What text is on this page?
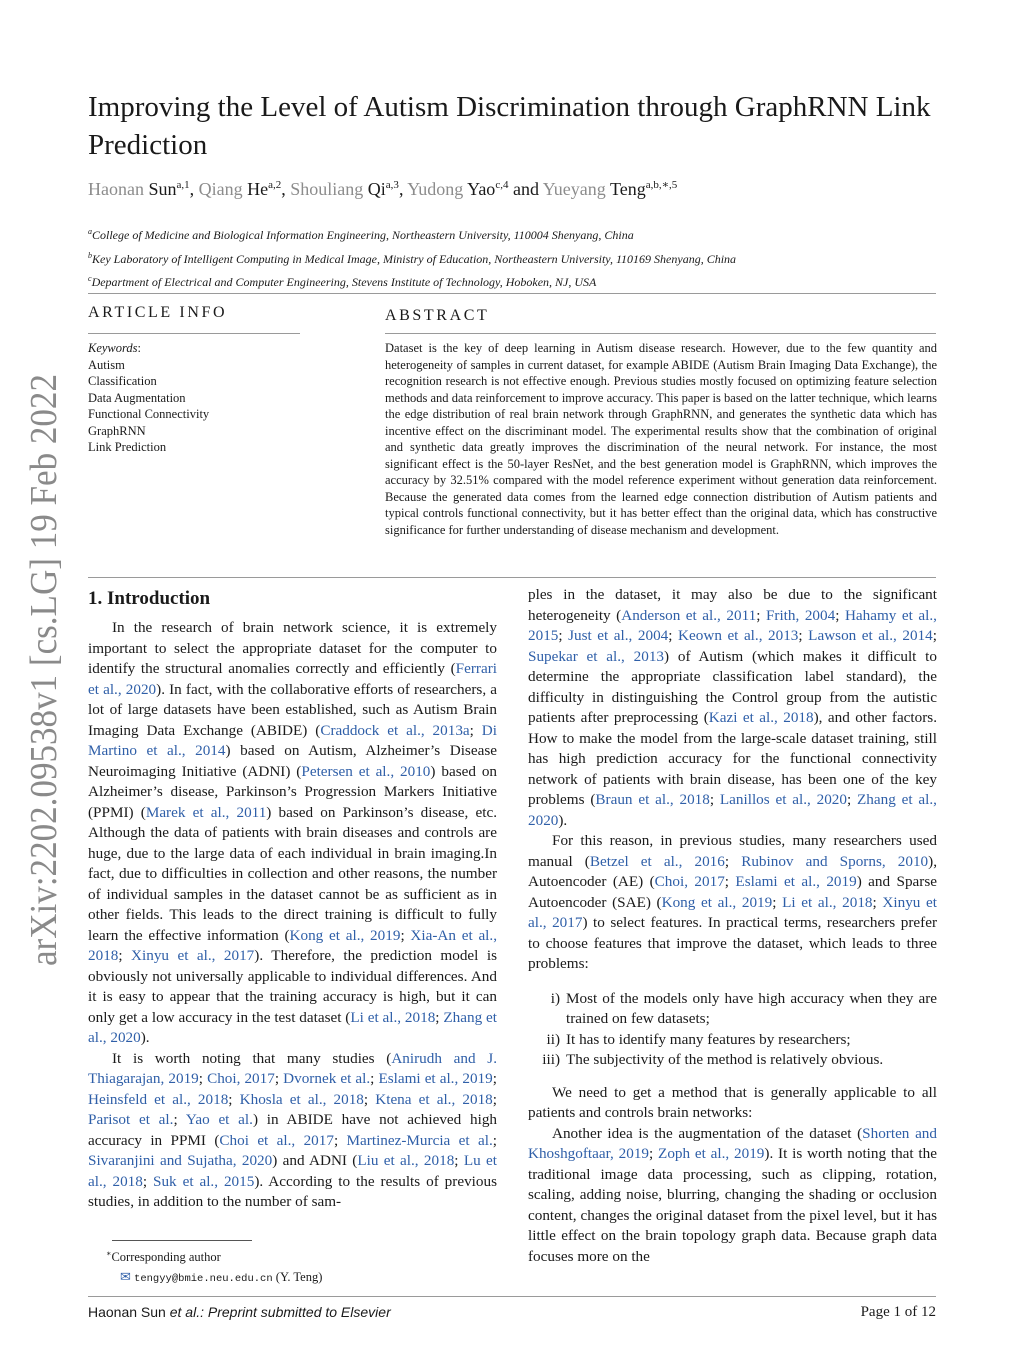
arXiv:2202.09538v1 [cs.LG] 19 Feb 2022
Improving the Level of Autism Discrimination through GraphRNN Link Prediction
Haonan Sun$^{a,1}$, Qiang He$^{a,2}$, Shouliang Qi$^{a,3}$, Yudong Yao$^{c,4}$ and Yueyang Teng$^{a,b,∗,5}$
$^a$College of Medicine and Biological Information Engineering, Northeastern University, 110004 Shenyang, China
$^b$Key Laboratory of Intelligent Computing in Medical Image, Ministry of Education, Northeastern University, 110169 Shenyang, China
$^c$Department of Electrical and Computer Engineering, Stevens Institute of Technology, Hoboken, NJ, USA
ARTICLE INFO	ABSTRACT
Keywords:
Autism
Classification
Data Augmentation
Functional Connectivity
GraphRNN
Link Prediction
Dataset is the key of deep learning in Autism disease research. However, due to the few quantity and heterogeneity of samples in current dataset, for example ABIDE (Autism Brain Imaging Data Exchange), the recognition research is not effective enough. Previous studies mostly focused on optimizing feature selection methods and data reinforcement to improve accuracy. This paper is based on the latter technique, which learns the edge distribution of real brain network through GraphRNN, and generates the synthetic data which has incentive effect on the discriminant model. The experimental results show that the combination of original and synthetic data greatly improves the discrimination of the neural network. For instance, the most significant effect is the 50-layer ResNet, and the best generation model is GraphRNN, which improves the accuracy by 32.51% compared with the model reference experiment without generation data reinforcement. Because the generated data comes from the learned edge connection distribution of Autism patients and typical controls functional connectivity, but it has better effect than the original data, which has constructive significance for further understanding of disease mechanism and development.
1. Introduction

In the research of brain network science, it is extremely important to select the appropriate dataset for the computer to identify the structural anomalies correctly and efficiently (Ferrari et al., 2020). In fact, with the collaborative efforts of researchers, a lot of large datasets have been established, such as Autism Brain Imaging Data Exchange (ABIDE) (Craddock et al., 2013a; Di Martino et al., 2014) based on Autism, Alzheimer’s Disease Neuroimaging Initiative (ADNI) (Petersen et al., 2010) based on Alzheimer’s disease, Parkinson’s Progression Markers Initiative (PPMI) (Marek et al., 2011) based on Parkinson’s disease, etc. Although the data of patients with brain diseases and controls are huge, due to the large data of each individual in brain imaging.In fact, due to difficulties in collection and other reasons, the number of individual samples in the dataset cannot be as sufficient as in other fields. This leads to the direct training is difficult to fully learn the effective information (Kong et al., 2019; Xia-An et al., 2018; Xinyu et al., 2017). Therefore, the prediction model is obviously not universally applicable to individual differences. And it is easy to appear that the training accuracy is high, but it can only get a low accuracy in the test dataset (Li et al., 2018; Zhang et al., 2020).

It is worth noting that many studies (Anirudh and J. Thiagarajan, 2019; Choi, 2017; Dvornek et al.; Eslami et al., 2019; Heinsfeld et al., 2018; Khosla et al., 2018; Ktena et al., 2018; Parisot et al.; Yao et al.) in ABIDE have not achieved high accuracy in PPMI (Choi et al., 2017; Martinez-Murcia et al.; Sivaranjini and Sujatha, 2020) and ADNI (Liu et al., 2018; Lu et al., 2018; Suk et al., 2015). According to the results of previous studies, in addition to the number of sam-

ples in the dataset, it may also be due to the significant heterogeneity (Anderson et al., 2011; Frith, 2004; Hahamy et al., 2015; Just et al., 2004; Keown et al., 2013; Lawson et al., 2014; Supekar et al., 2013) of Autism (which makes it difficult to determine the appropriate classification label standard), the difficulty in distinguishing the Control group from the autistic patients after preprocessing (Kazi et al., 2018), and other factors. How to make the model from the large-scale dataset training, still has high prediction accuracy for the functional connectivity network of patients with brain disease, has been one of the key problems (Braun et al., 2018; Lanillos et al., 2020; Zhang et al., 2020).

For this reason, in previous studies, many researchers used manual (Betzel et al., 2016; Rubinov and Sporns, 2010), Autoencoder (AE) (Choi, 2017; Eslami et al., 2019) and Sparse Autoencoder (SAE) (Kong et al., 2019; Li et al., 2018; Xinyu et al., 2017) to select features. In practical terms, researchers prefer to choose features that improve the dataset, which leads to three problems:

i) Most of the models only have high accuracy when they are trained on few datasets;
ii) It has to identify many features by researchers;
iii) The subjectivity of the method is relatively obvious.

We need to get a method that is generally applicable to all patients and controls brain networks:

Another idea is the augmentation of the dataset (Shorten and Khoshgoftaar, 2019; Zoph et al., 2019). It is worth noting that the traditional image data processing, such as clipping, rotation, scaling, adding noise, blurring, changing the shading or occlusion content, changes the original dataset from the pixel level, but it has little effect on the brain topology graph data. Because graph data focuses more on the

∗Corresponding author
✉ tengyy@bmie.neu.edu.cn (Y. Teng)
Haonan Sun et al.: Preprint submitted to Elsevier	Page 1 of 12
